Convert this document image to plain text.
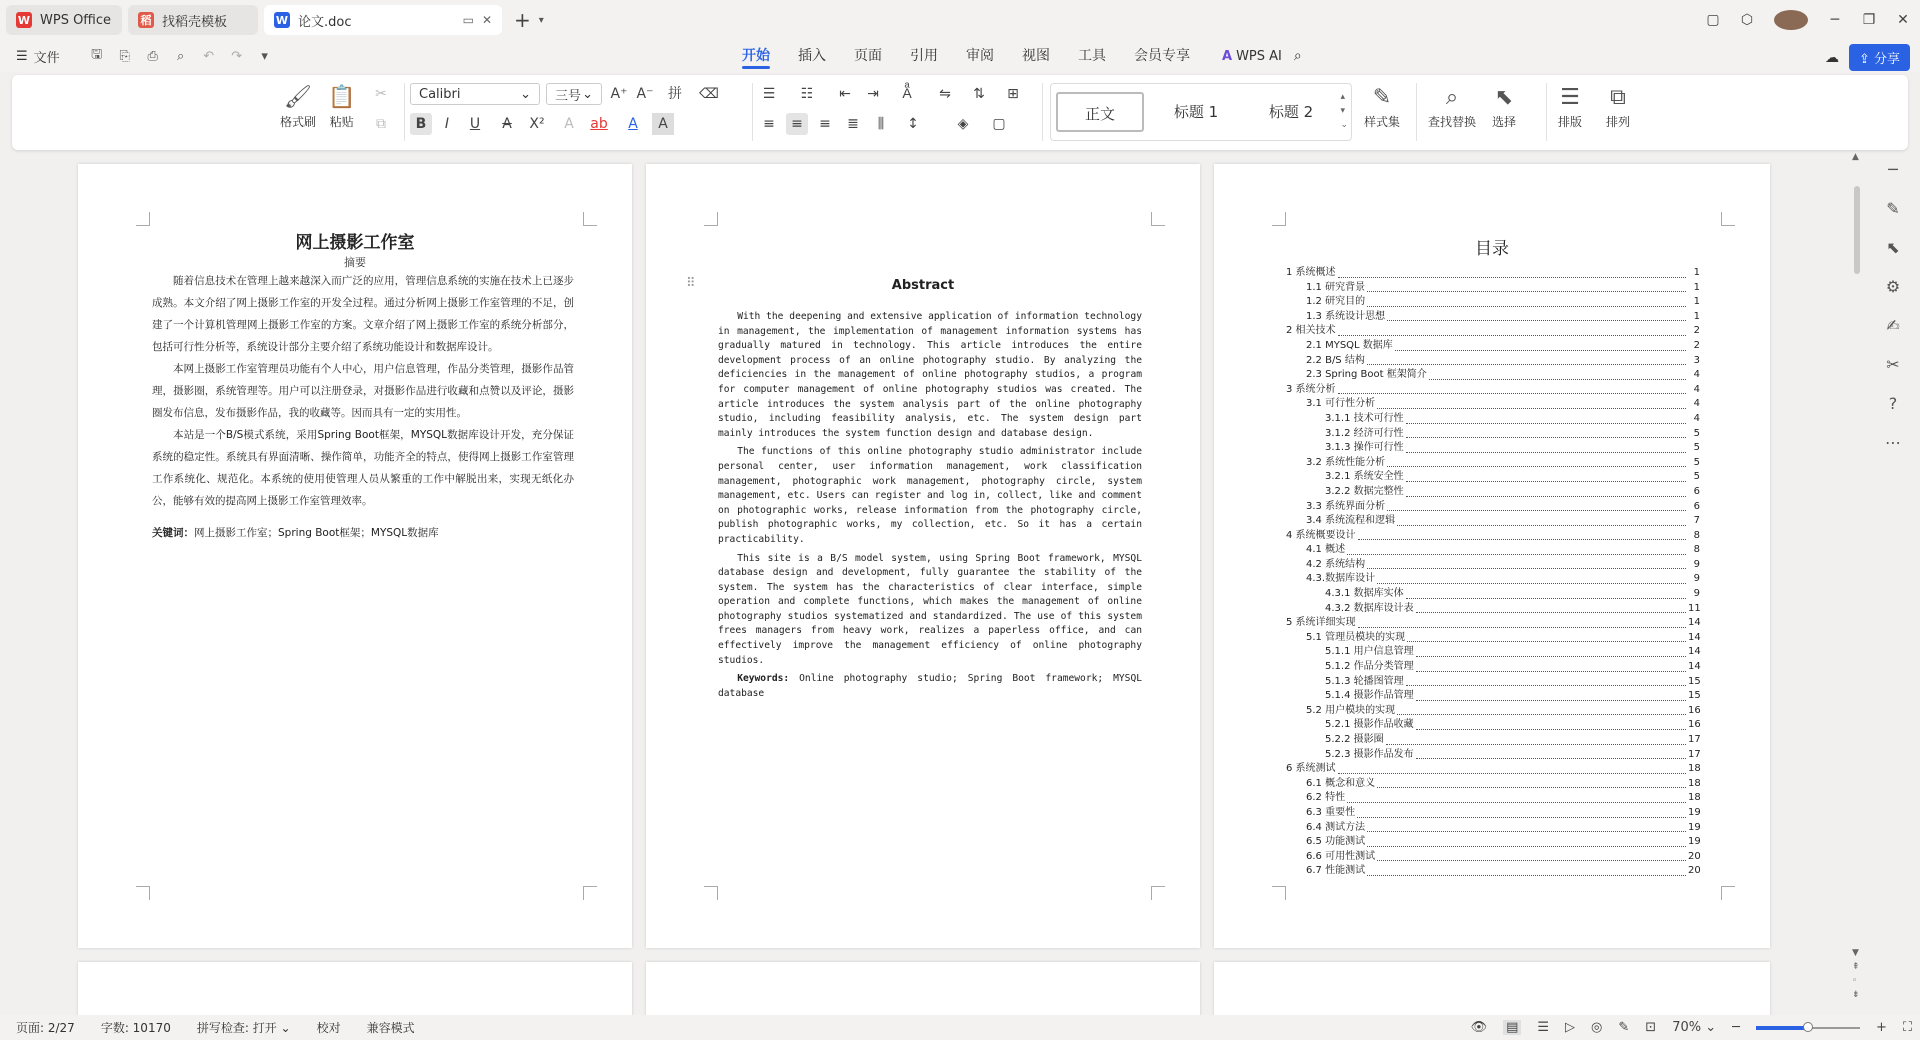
W WPS Office	稻 找稻壳模板	W 论文.doc	▭ ✕ + ▾	▢	⬡	─	❐	✕
☰ 文件	🖫	⎘	⎙	⌕	↶	↷	▾	开始 插入 页面 引用 审阅 视图 工具 会员专享 A WPS AI ⌕	☁	⇪ 分享
🖌
格式刷
📋
粘贴
✂
⧉
Calibri	⌄ 三号 ⌄ A⁺ A⁻ 拼 ⌫
B	I	U	A	X²	A	ab	A	A
☰	☷	⇤	⇥	Aͣ	⇋	⇅	⊞
≡	≡	≡	≣	⫼	↕	◈	▢
正文	标题 1	标题 2
▴
▾
⌄
✎
样式集
⌕
查找替换
⬉
选择
☰
排版
⧉
排列
网上摄影工作室
摘要

随着信息技术在管理上越来越深入而广泛的应用，管理信息系统的实施在技术上已逐步成熟。本文介绍了网上摄影工作室的开发全过程。通过分析网上摄影工作室管理的不足，创建了一个计算机管理网上摄影工作室的方案。文章介绍了网上摄影工作室的系统分析部分，包括可行性分析等，系统设计部分主要介绍了系统功能设计和数据库设计。

本网上摄影工作室管理员功能有个人中心，用户信息管理，作品分类管理，摄影作品管理，摄影圈，系统管理等。用户可以注册登录，对摄影作品进行收藏和点赞以及评论，摄影圈发布信息，发布摄影作品，我的收藏等。因而具有一定的实用性。

本站是一个B/S模式系统，采用Spring Boot框架，MYSQL数据库设计开发，充分保证系统的稳定性。系统具有界面清晰、操作简单，功能齐全的特点，使得网上摄影工作室管理工作系统化、规范化。本系统的使用使管理人员从繁重的工作中解脱出来，实现无纸化办公，能够有效的提高网上摄影工作室管理效率。

关键词：网上摄影工作室；Spring Boot框架；MYSQL数据库

⠿	Abstract

With the deepening and extensive application of information technology in management, the implementation of management information systems has gradually matured in technology. This article introduces the entire development process of an online photography studio. By analyzing the deficiencies in the management of online photography studios, a program for computer management of online photography studios was created. The article introduces the system analysis part of the online photography studio, including feasibility analysis, etc. The system design part mainly introduces the system function design and database design.

The functions of this online photography studio administrator include personal center, user information management, work classification management, photographic work management, photography circle, system management, etc. Users can register and log in, collect, like and comment on photographic works, release information from the photography circle, publish photographic works, my collection, etc. So it has a certain practicability.

This site is a B/S model system, using Spring Boot framework, MYSQL database design and development, fully guarantee the stability of the system. The system has the characteristics of clear interface, simple operation and complete functions, which makes the management of online photography studios systematized and standardized. The use of this system frees managers from heavy work, realizes a paperless office, and can effectively improve the management efficiency of online photography studios.

Keywords: Online photography studio; Spring Boot framework; MYSQL database

目录
1 系统概述	1
1.1 研究背景	1
1.2 研究目的	1
1.3 系统设计思想	1
2 相关技术	2
2.1 MYSQL 数据库	2
2.2 B/S 结构	3
2.3 Spring Boot 框架简介	4
3 系统分析	4
3.1 可行性分析	4
3.1.1 技术可行性	4
3.1.2 经济可行性	5
3.1.3 操作可行性	5
3.2 系统性能分析	5
3.2.1 系统安全性	5
3.2.2 数据完整性	6
3.3 系统界面分析	6
3.4 系统流程和逻辑	7
4 系统概要设计	8
4.1 概述	8
4.2 系统结构	9
4.3.数据库设计	9
4.3.1 数据库实体	9
4.3.2 数据库设计表	11
5 系统详细实现	14
5.1 管理员模块的实现	14
5.1.1 用户信息管理	14
5.1.2 作品分类管理	14
5.1.3 轮播图管理	15
5.1.4 摄影作品管理	15
5.2 用户模块的实现	16
5.2.1 摄影作品收藏	16
5.2.2 摄影圈	17
5.2.3 摄影作品发布	17
6 系统测试	18
6.1 概念和意义	18
6.2 特性	18
6.3 重要性	19
6.4 测试方法	19
6.5 功能测试	19
6.6 可用性测试	20
6.7 性能测试	20
▲
▼
⇞
◦
⇟
─
✎
⬉
⚙
✍
✂
?
⋯
页面: 2/27 字数: 10170 拼写检查: 打开 ⌄ 校对 兼容模式	👁 ▤ ☰ ▷ ◎ ✎ ⊡ 70% ⌄ ─	+ ⛶
